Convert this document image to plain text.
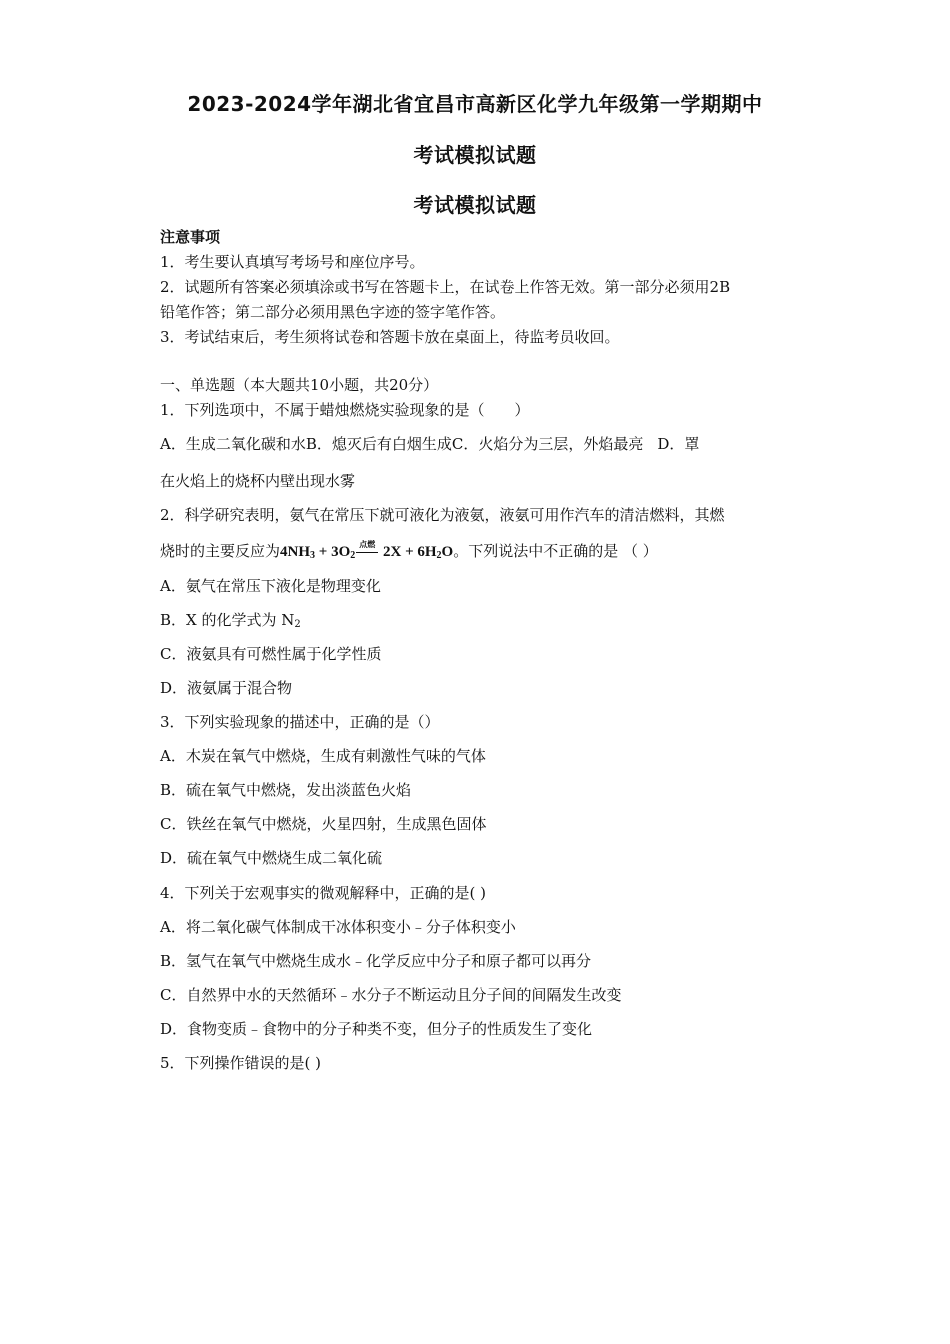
2023-2024学年湖北省宜昌市高新区化学九年级第一学期期中
考试模拟试题
考试模拟试题
注意事项
1．考生要认真填写考场号和座位序号。
2．试题所有答案必须填涂或书写在答题卡上，在试卷上作答无效。第一部分必须用2B
铅笔作答；第二部分必须用黑色字迹的签字笔作答。
3．考试结束后，考生须将试卷和答题卡放在桌面上，待监考员收回。
一、单选题（本大题共10小题，共20分）
1．下列选项中，不属于蜡烛燃烧实验现象的是（　　）
A．生成二氧化碳和水B．熄灭后有白烟生成C．火焰分为三层，外焰最亮 D．罩
在火焰上的烧杯内壁出现水雾
2．科学研究表明，氨气在常压下就可液化为液氨，液氨可用作汽车的清洁燃料，其燃
烧时的主要反应为$4NH_3 + 3O_2$
点燃 $2X + 6H_2O$。下列说法中不正确的是 （ ）
A．氨气在常压下液化是物理变化
B．X 的化学式为 $N_2$
C．液氨具有可燃性属于化学性质
D．液氨属于混合物
3．下列实验现象的描述中，正确的是（）
A．木炭在氧气中燃烧，生成有刺激性气味的气体
B．硫在氧气中燃烧，发出淡蓝色火焰
C．铁丝在氧气中燃烧，火星四射，生成黑色固体
D．硫在氧气中燃烧生成二氧化硫
4．下列关于宏观事实的微观解释中，正确的是( )
A．将二氧化碳气体制成干冰体积变小﹣分子体积变小
B．氢气在氧气中燃烧生成水﹣化学反应中分子和原子都可以再分
C．自然界中水的天然循环﹣水分子不断运动且分子间的间隔发生改变
D．食物变质﹣食物中的分子种类不变，但分子的性质发生了变化
5．下列操作错误的是( )
